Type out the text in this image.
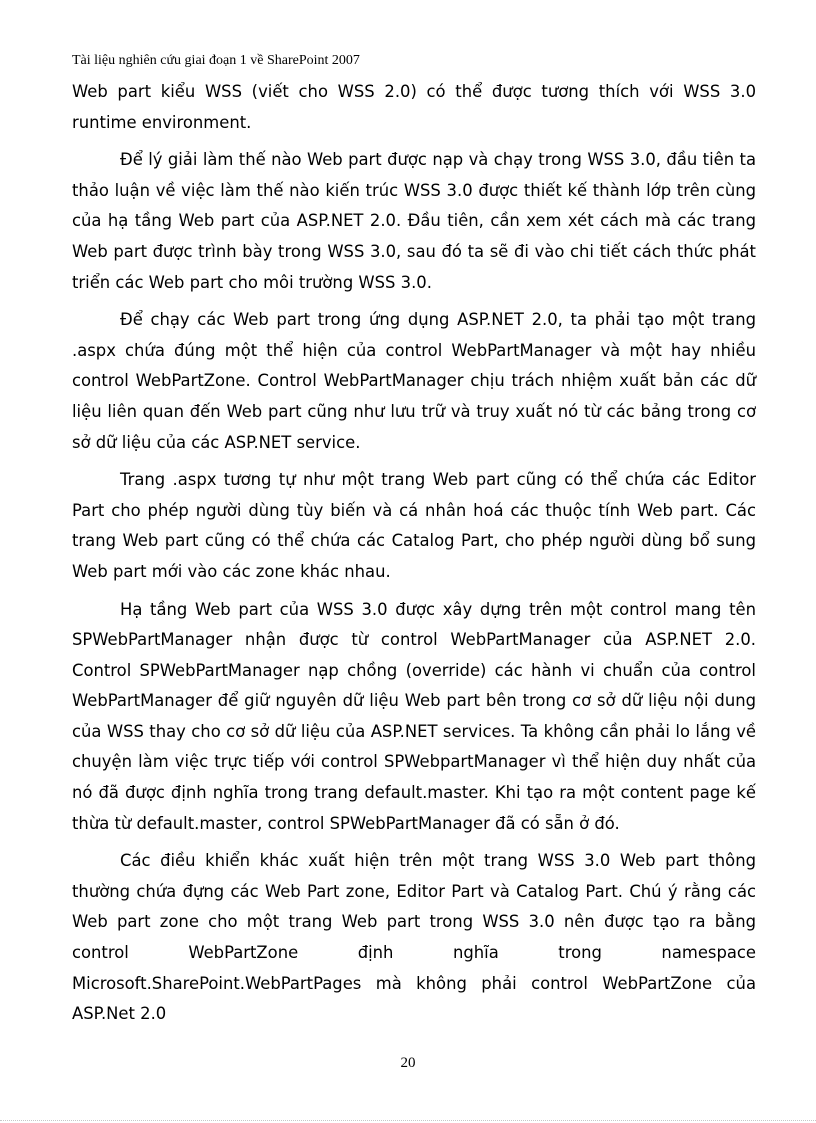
Tài liệu nghiên cứu giai đoạn 1 về SharePoint 2007

Web part kiểu WSS (viết cho WSS 2.0) có thể được tương thích với WSS 3.0 runtime environment.

Để lý giải làm thế nào Web part được nạp và chạy trong WSS 3.0, đầu tiên ta thảo luận về việc làm thế nào kiến trúc WSS 3.0 được thiết kế thành lớp trên cùng của hạ tầng Web part của ASP.NET 2.0. Đầu tiên, cần xem xét cách mà các trang Web part được trình bày trong WSS 3.0, sau đó ta sẽ đi vào chi tiết cách thức phát triển các Web part cho môi trường WSS 3.0.

Để chạy các Web part trong ứng dụng ASP.NET 2.0, ta phải tạo một trang .aspx chứa đúng một thể hiện của control WebPartManager và một hay nhiều control WebPartZone. Control WebPartManager chịu trách nhiệm xuất bản các dữ liệu liên quan đến Web part cũng như lưu trữ và truy xuất nó từ các bảng trong cơ sở dữ liệu của các ASP.NET service.

Trang .aspx tương tự như một trang Web part cũng có thể chứa các Editor Part cho phép người dùng tùy biến và cá nhân hoá các thuộc tính Web part. Các trang Web part cũng có thể chứa các Catalog Part, cho phép người dùng bổ sung Web part mới vào các zone khác nhau.

Hạ tầng Web part của WSS 3.0 được xây dựng trên một control mang tên SPWebPartManager nhận được từ control WebPartManager của ASP.NET 2.0. Control SPWebPartManager nạp chồng (override) các hành vi chuẩn của control WebPartManager để giữ nguyên dữ liệu Web part bên trong cơ sở dữ liệu nội dung của WSS thay cho cơ sở dữ liệu của ASP.NET services. Ta không cần phải lo lắng về chuyện làm việc trực tiếp với control SPWebpartManager vì thể hiện duy nhất của nó đã được định nghĩa trong trang default.master. Khi tạo ra một content page kế thừa từ default.master, control SPWebPartManager đã có sẵn ở đó.

Các điều khiển khác xuất hiện trên một trang WSS 3.0 Web part thông thường chứa đựng các Web Part zone, Editor Part và Catalog Part. Chú ý rằng các Web part zone cho một trang Web part trong WSS 3.0 nên được tạo ra bằng control WebPartZone định nghĩa trong namespace Microsoft.SharePoint.WebPartPages mà không phải control WebPartZone của ASP.Net 2.0

20
